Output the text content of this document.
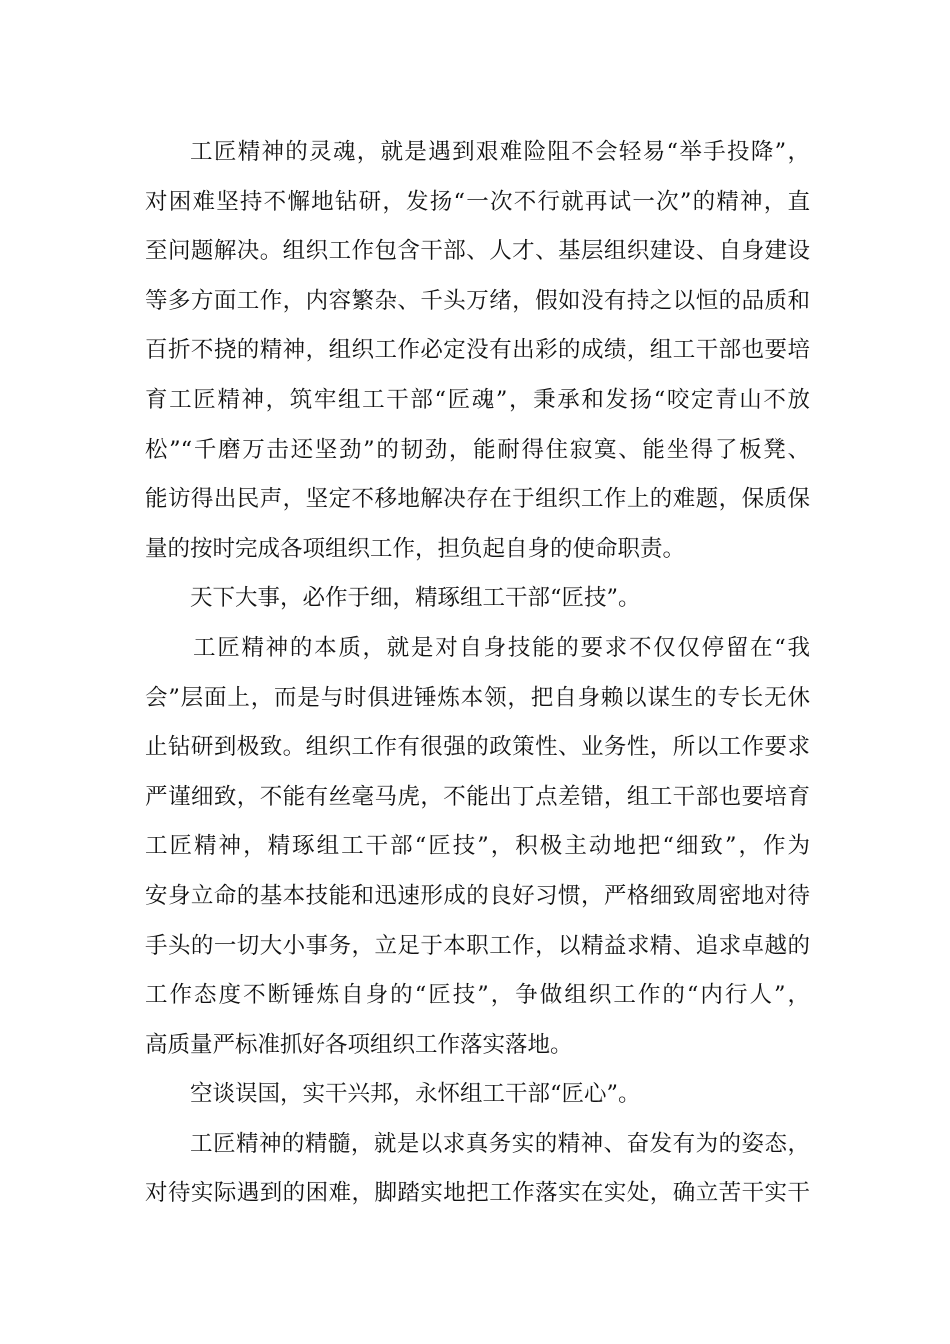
工匠精神的灵魂，就是遇到艰难险阻不会轻易“举手投降”，
对困难坚持不懈地钻研，发扬“一次不行就再试一次”的精神，直
至问题解决。组织工作包含干部、人才、基层组织建设、自身建设
等多方面工作，内容繁杂、千头万绪，假如没有持之以恒的品质和
百折不挠的精神，组织工作必定没有出彩的成绩，组工干部也要培
育工匠精神，筑牢组工干部“匠魂”，秉承和发扬“咬定青山不放
松”“千磨万击还坚劲”的韧劲，能耐得住寂寞、能坐得了板凳、
能访得出民声，坚定不移地解决存在于组织工作上的难题，保质保
量的按时完成各项组织工作，担负起自身的使命职责。
天下大事，必作于细，精琢组工干部“匠技”。
工匠精神的本质，就是对自身技能的要求不仅仅停留在“我
会”层面上，而是与时俱进锤炼本领，把自身赖以谋生的专长无休
止钻研到极致。组织工作有很强的政策性、业务性，所以工作要求
严谨细致，不能有丝毫马虎，不能出丁点差错，组工干部也要培育
工匠精神，精琢组工干部“匠技”，积极主动地把“细致”，作为
安身立命的基本技能和迅速形成的良好习惯，严格细致周密地对待
手头的一切大小事务，立足于本职工作，以精益求精、追求卓越的
工作态度不断锤炼自身的“匠技”，争做组织工作的“内行人”，
高质量严标准抓好各项组织工作落实落地。
空谈误国，实干兴邦，永怀组工干部“匠心”。
工匠精神的精髓，就是以求真务实的精神、奋发有为的姿态，
对待实际遇到的困难，脚踏实地把工作落实在实处，确立苦干实干
